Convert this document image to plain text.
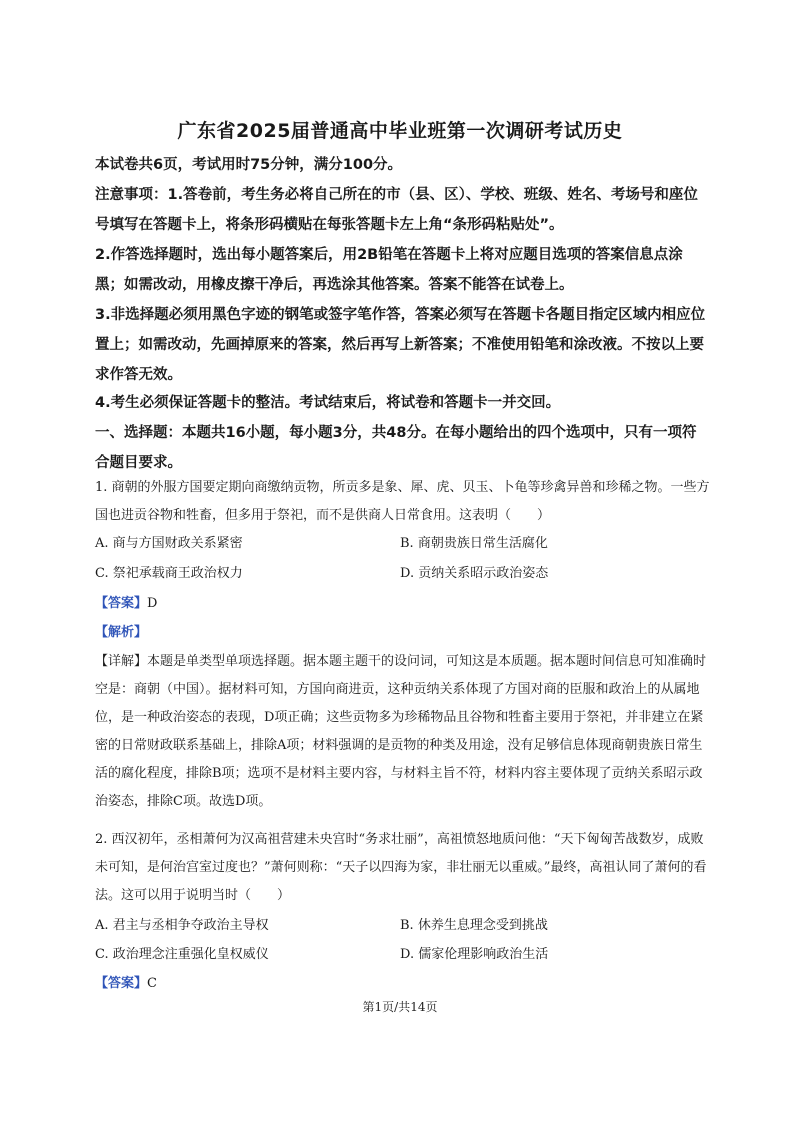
广东省2025届普通高中毕业班第一次调研考试历史

本试卷共6页，考试用时75分钟，满分100分。

注意事项：1.答卷前，考生务必将自己所在的市（县、区）、学校、班级、姓名、考场号和座位号填写在答题卡上，将条形码横贴在每张答题卡左上角“条形码粘贴处”。

2.作答选择题时，选出每小题答案后，用2B铅笔在答题卡上将对应题目选项的答案信息点涂黑；如需改动，用橡皮擦干净后，再选涂其他答案。答案不能答在试卷上。

3.非选择题必须用黑色字迹的钢笔或签字笔作答，答案必须写在答题卡各题目指定区域内相应位置上；如需改动，先画掉原来的答案，然后再写上新答案；不准使用铅笔和涂改液。不按以上要求作答无效。

4.考生必须保证答题卡的整洁。考试结束后，将试卷和答题卡一并交回。

一、选择题：本题共16小题，每小题3分，共48分。在每小题给出的四个选项中，只有一项符合题目要求。

1. 商朝的外服方国要定期向商缴纳贡物，所贡多是象、犀、虎、贝玉、卜龟等珍禽异兽和珍稀之物。一些方国也进贡谷物和牲畜，但多用于祭祀，而不是供商人日常食用。这表明（　　）

A. 商与方国财政关系紧密	B. 商朝贵族日常生活腐化
C. 祭祀承载商王政治权力	D. 贡纳关系昭示政治姿态

【答案】D

【解析】

【详解】本题是单类型单项选择题。据本题主题干的设问词，可知这是本质题。据本题时间信息可知准确时空是：商朝（中国）。据材料可知，方国向商进贡，这种贡纳关系体现了方国对商的臣服和政治上的从属地位，是一种政治姿态的表现，D项正确；这些贡物多为珍稀物品且谷物和牲畜主要用于祭祀，并非建立在紧密的日常财政联系基础上，排除A项；材料强调的是贡物的种类及用途，没有足够信息体现商朝贵族日常生活的腐化程度，排除B项；选项不是材料主要内容，与材料主旨不符，材料内容主要体现了贡纳关系昭示政治姿态，排除C项。故选D项。

2. 西汉初年，丞相萧何为汉高祖营建未央宫时“务求壮丽”，高祖愤怒地质问他：“天下匈匈苦战数岁，成败未可知，是何治宫室过度也？”萧何则称：“天子以四海为家，非壮丽无以重威。”最终，高祖认同了萧何的看法。这可以用于说明当时（　　）

A. 君主与丞相争夺政治主导权	B. 休养生息理念受到挑战
C. 政治理念注重强化皇权威仪	D. 儒家伦理影响政治生活

【答案】C

第1页/共14页
